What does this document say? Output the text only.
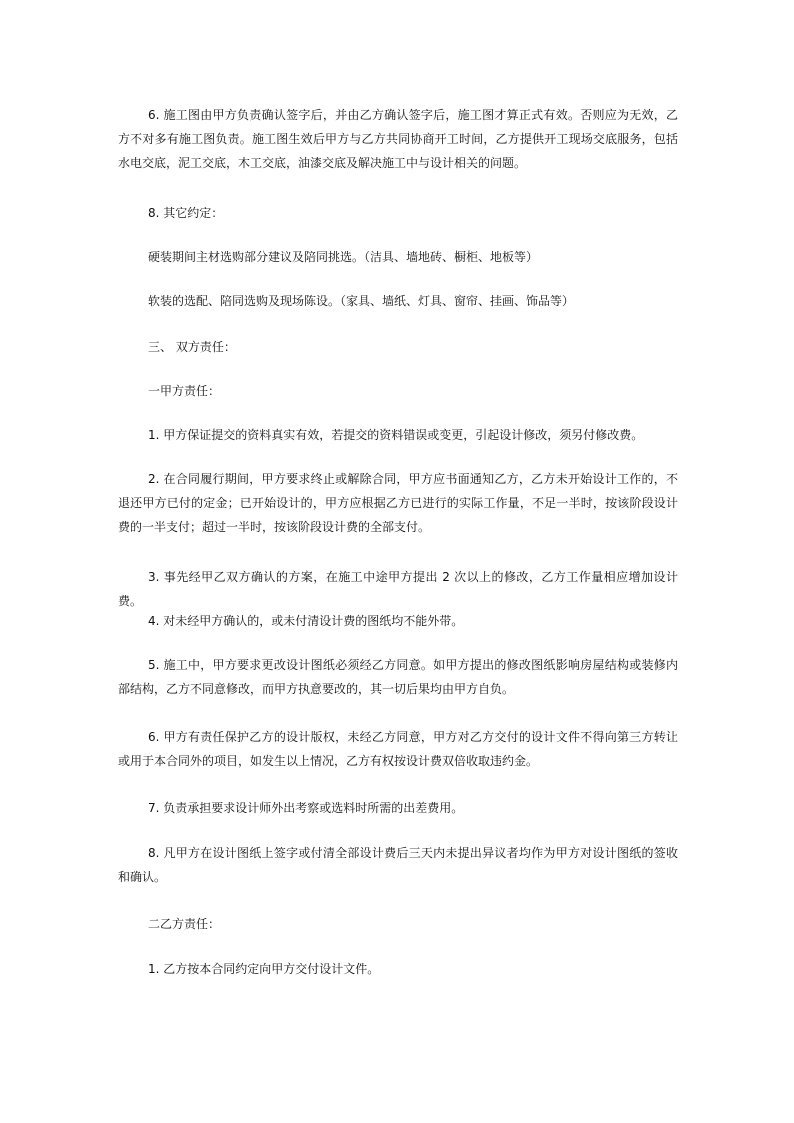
6. 施工图由甲方负责确认签字后，并由乙方确认签字后，施工图才算正式有效。否则应为无效，乙方不对多有施工图负责。施工图生效后甲方与乙方共同协商开工时间，乙方提供开工现场交底服务，包括水电交底，泥工交底，木工交底，油漆交底及解决施工中与设计相关的问题。

8. 其它约定：

硬装期间主材选购部分建议及陪同挑选。（洁具、墙地砖、橱柜、地板等）

软装的选配、陪同选购及现场陈设。（家具、墙纸、灯具、窗帘、挂画、饰品等）

三、 双方责任：

一甲方责任：

1. 甲方保证提交的资料真实有效，若提交的资料错误或变更，引起设计修改，须另付修改费。

2. 在合同履行期间，甲方要求终止或解除合同，甲方应书面通知乙方，乙方未开始设计工作的，不退还甲方已付的定金；已开始设计的，甲方应根据乙方已进行的实际工作量，不足一半时，按该阶段设计费的一半支付；超过一半时，按该阶段设计费的全部支付。

3. 事先经甲乙双方确认的方案，在施工中途甲方提出 2 次以上的修改，乙方工作量相应增加设计费。

4. 对未经甲方确认的，或未付清设计费的图纸均不能外带。

5. 施工中，甲方要求更改设计图纸必须经乙方同意。如甲方提出的修改图纸影响房屋结构或装修内部结构，乙方不同意修改，而甲方执意要改的，其一切后果均由甲方自负。

6. 甲方有责任保护乙方的设计版权，未经乙方同意，甲方对乙方交付的设计文件不得向第三方转让或用于本合同外的项目，如发生以上情况，乙方有权按设计费双倍收取违约金。

7. 负责承担要求设计师外出考察或选料时所需的出差费用。

8. 凡甲方在设计图纸上签字或付清全部设计费后三天内未提出异议者均作为甲方对设计图纸的签收和确认。

二乙方责任：

1. 乙方按本合同约定向甲方交付设计文件。
